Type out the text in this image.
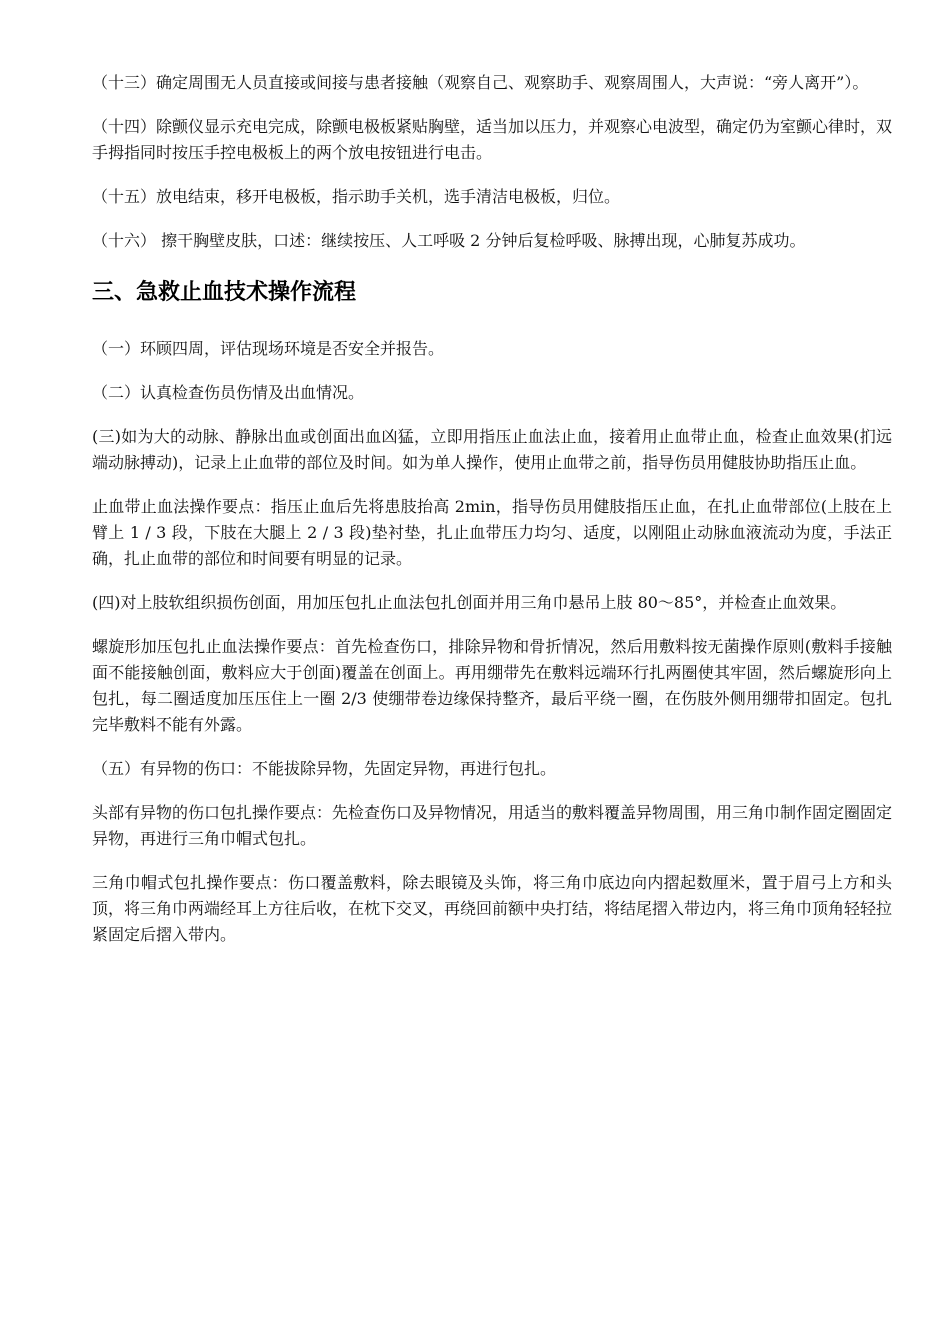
（十三）确定周围无人员直接或间接与患者接触（观察自己、观察助手、观察周围人，大声说：“旁人离开”）。

（十四）除颤仪显示充电完成，除颤电极板紧贴胸壁，适当加以压力，并观察心电波型，确定仍为室颤心律时，双手拇指同时按压手控电极板上的两个放电按钮进行电击。

（十五）放电结束，移开电极板，指示助手关机，选手清洁电极板，归位。

（十六） 擦干胸壁皮肤，口述：继续按压、人工呼吸 2 分钟后复检呼吸、脉搏出现，心肺复苏成功。

三、急救止血技术操作流程

（一）环顾四周，评估现场环境是否安全并报告。

（二）认真检查伤员伤情及出血情况。

(三)如为大的动脉、静脉出血或创面出血凶猛，立即用指压止血法止血，接着用止血带止血，检查止血效果(扪远端动脉搏动)，记录上止血带的部位及时间。如为单人操作，使用止血带之前，指导伤员用健肢协助指压止血。

止血带止血法操作要点：指压止血后先将患肢抬高 2min，指导伤员用健肢指压止血，在扎止血带部位(上肢在上臂上 1 / 3 段，下肢在大腿上 2 / 3 段)垫衬垫，扎止血带压力均匀、适度，以刚阻止动脉血液流动为度，手法正确，扎止血带的部位和时间要有明显的记录。

(四)对上肢软组织损伤创面，用加压包扎止血法包扎创面并用三角巾悬吊上肢 80～85°，并检查止血效果。

螺旋形加压包扎止血法操作要点：首先检查伤口，排除异物和骨折情况，然后用敷料按无菌操作原则(敷料手接触面不能接触创面，敷料应大于创面)覆盖在创面上。再用绷带先在敷料远端环行扎两圈使其牢固，然后螺旋形向上包扎，每二圈适度加压压住上一圈 2/3 使绷带卷边缘保持整齐，最后平绕一圈，在伤肢外侧用绷带扣固定。包扎完毕敷料不能有外露。

（五）有异物的伤口：不能拔除异物，先固定异物，再进行包扎。

头部有异物的伤口包扎操作要点：先检查伤口及异物情况，用适当的敷料覆盖异物周围，用三角巾制作固定圈固定异物，再进行三角巾帽式包扎。

三角巾帽式包扎操作要点：伤口覆盖敷料，除去眼镜及头饰，将三角巾底边向内摺起数厘米，置于眉弓上方和头顶，将三角巾两端经耳上方往后收，在枕下交叉，再绕回前额中央打结，将结尾摺入带边内，将三角巾顶角轻轻拉紧固定后摺入带内。
